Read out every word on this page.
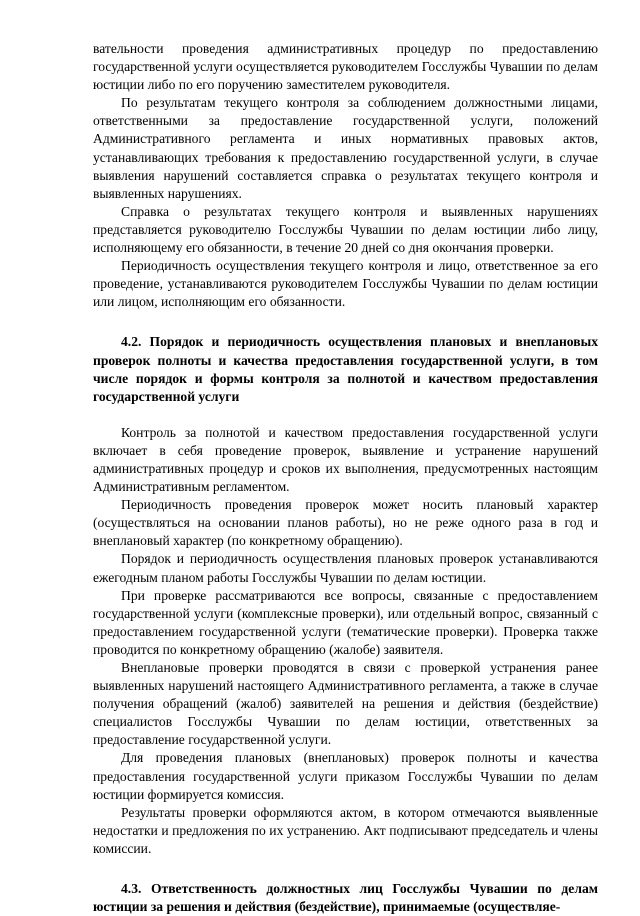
вательности проведения административных процедур по предоставлению государственной услуги осуществляется руководителем Госслужбы Чувашии по делам юстиции либо по его поручению заместителем руководителя.

По результатам текущего контроля за соблюдением должностными лицами, ответственными за предоставление государственной услуги, положений Административного регламента и иных нормативных правовых актов, устанавливающих требования к предоставлению государственной услуги, в случае выявления нарушений составляется справка о результатах текущего контроля и выявленных нарушениях.

Справка о результатах текущего контроля и выявленных нарушениях представляется руководителю Госслужбы Чувашии по делам юстиции либо лицу, исполняющему его обязанности, в течение 20 дней со дня окончания проверки.

Периодичность осуществления текущего контроля и лицо, ответственное за его проведение, устанавливаются руководителем Госслужбы Чувашии по делам юстиции или лицом, исполняющим его обязанности.

4.2. Порядок и периодичность осуществления плановых и внеплановых проверок полноты и качества предоставления государственной услуги, в том числе порядок и формы контроля за полнотой и качеством предоставления государственной услуги

Контроль за полнотой и качеством предоставления государственной услуги включает в себя проведение проверок, выявление и устранение нарушений административных процедур и сроков их выполнения, предусмотренных настоящим Административным регламентом.

Периодичность проведения проверок может носить плановый характер (осуществляться на основании планов работы), но не реже одного раза в год и внеплановый характер (по конкретному обращению).

Порядок и периодичность осуществления плановых проверок устанавливаются ежегодным планом работы Госслужбы Чувашии по делам юстиции.

При проверке рассматриваются все вопросы, связанные с предоставлением государственной услуги (комплексные проверки), или отдельный вопрос, связанный с предоставлением государственной услуги (тематические проверки). Проверка также проводится по конкретному обращению (жалобе) заявителя.

Внеплановые проверки проводятся в связи с проверкой устранения ранее выявленных нарушений настоящего Административного регламента, а также в случае получения обращений (жалоб) заявителей на решения и действия (бездействие) специалистов Госслужбы Чувашии по делам юстиции, ответственных за предоставление государственной услуги.

Для проведения плановых (внеплановых) проверок полноты и качества предоставления государственной услуги приказом Госслужбы Чувашии по делам юстиции формируется комиссия.

Результаты проверки оформляются актом, в котором отмечаются выявленные недостатки и предложения по их устранению. Акт подписывают председатель и члены комиссии.

4.3. Ответственность должностных лиц Госслужбы Чувашии по делам юстиции за решения и действия (бездействие), принимаемые (осуществляе-
